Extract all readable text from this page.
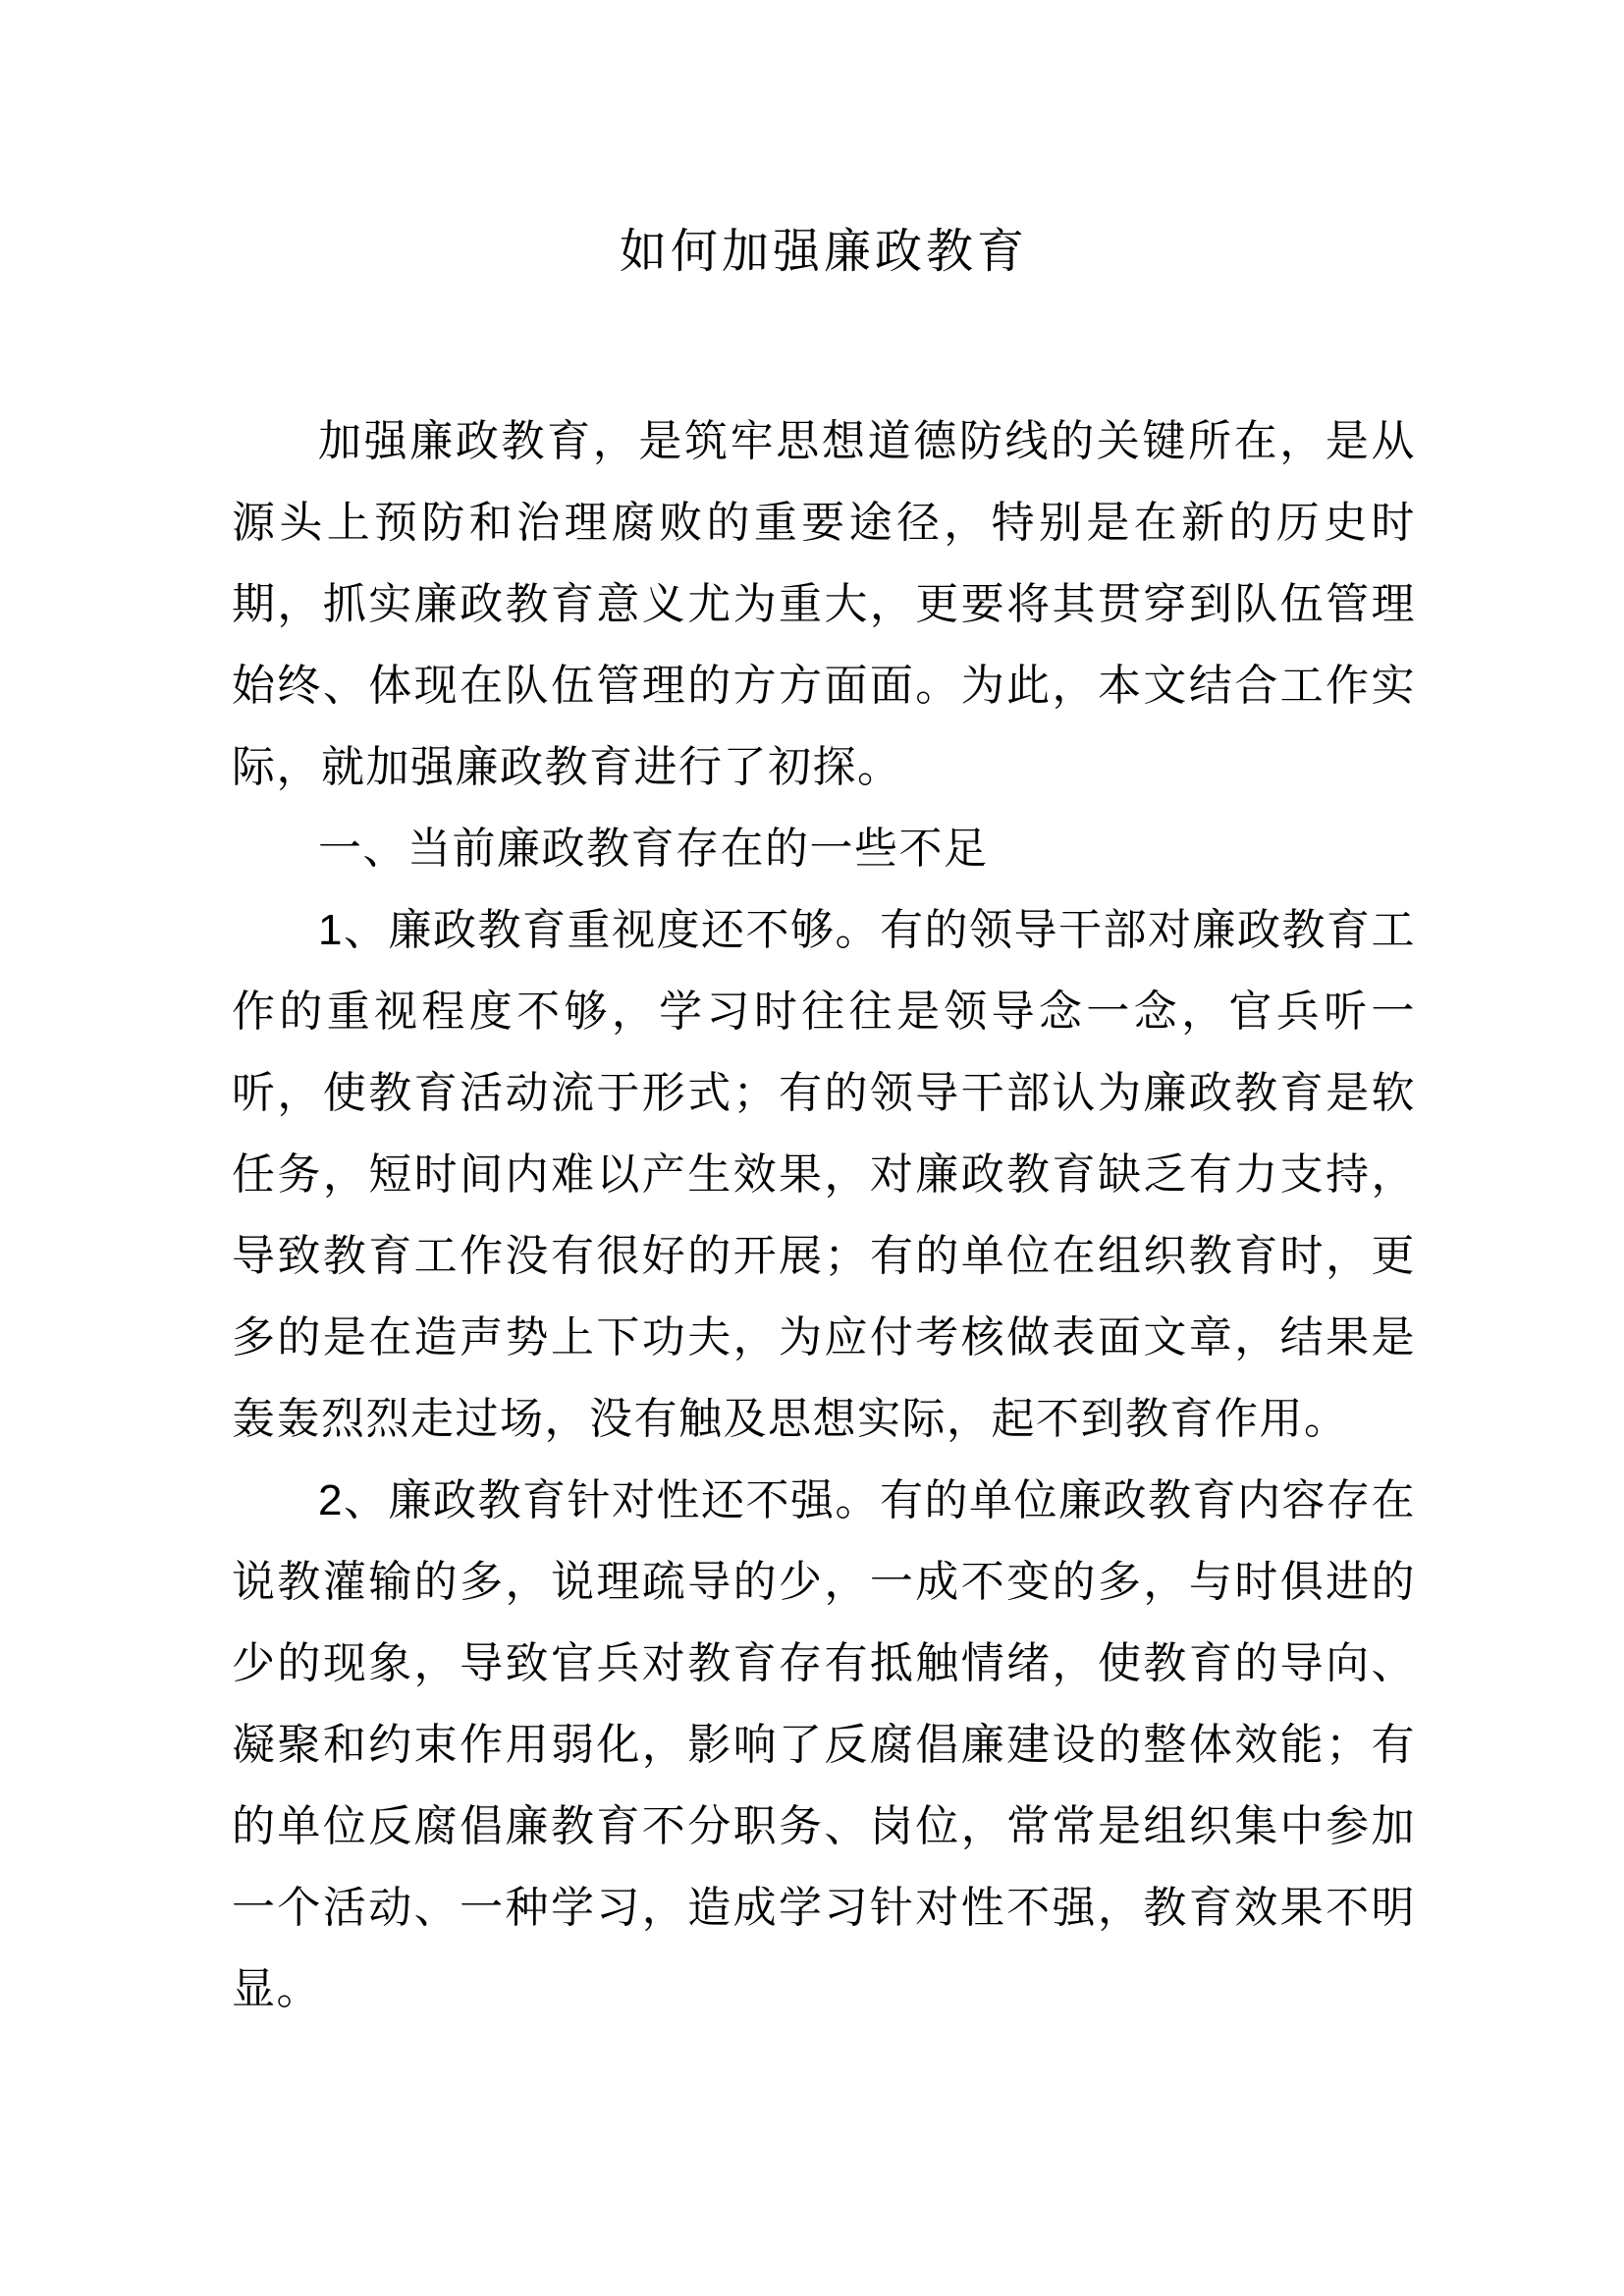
如何加强廉政教育

加强廉政教育，是筑牢思想道德防线的关键所在，是从源头上预防和治理腐败的重要途径，特别是在新的历史时期，抓实廉政教育意义尤为重大，更要将其贯穿到队伍管理始终、体现在队伍管理的方方面面。为此，本文结合工作实际，就加强廉政教育进行了初探。

一、当前廉政教育存在的一些不足

1、廉政教育重视度还不够。有的领导干部对廉政教育工作的重视程度不够，学习时往往是领导念一念，官兵听一听，使教育活动流于形式；有的领导干部认为廉政教育是软任务，短时间内难以产生效果，对廉政教育缺乏有力支持，导致教育工作没有很好的开展；有的单位在组织教育时，更多的是在造声势上下功夫，为应付考核做表面文章，结果是轰轰烈烈走过场，没有触及思想实际，起不到教育作用。

2、廉政教育针对性还不强。有的单位廉政教育内容存在说教灌输的多，说理疏导的少，一成不变的多，与时俱进的少的现象，导致官兵对教育存有抵触情绪，使教育的导向、凝聚和约束作用弱化，影响了反腐倡廉建设的整体效能；有的单位反腐倡廉教育不分职务、岗位，常常是组织集中参加一个活动、一种学习，造成学习针对性不强，教育效果不明显。
